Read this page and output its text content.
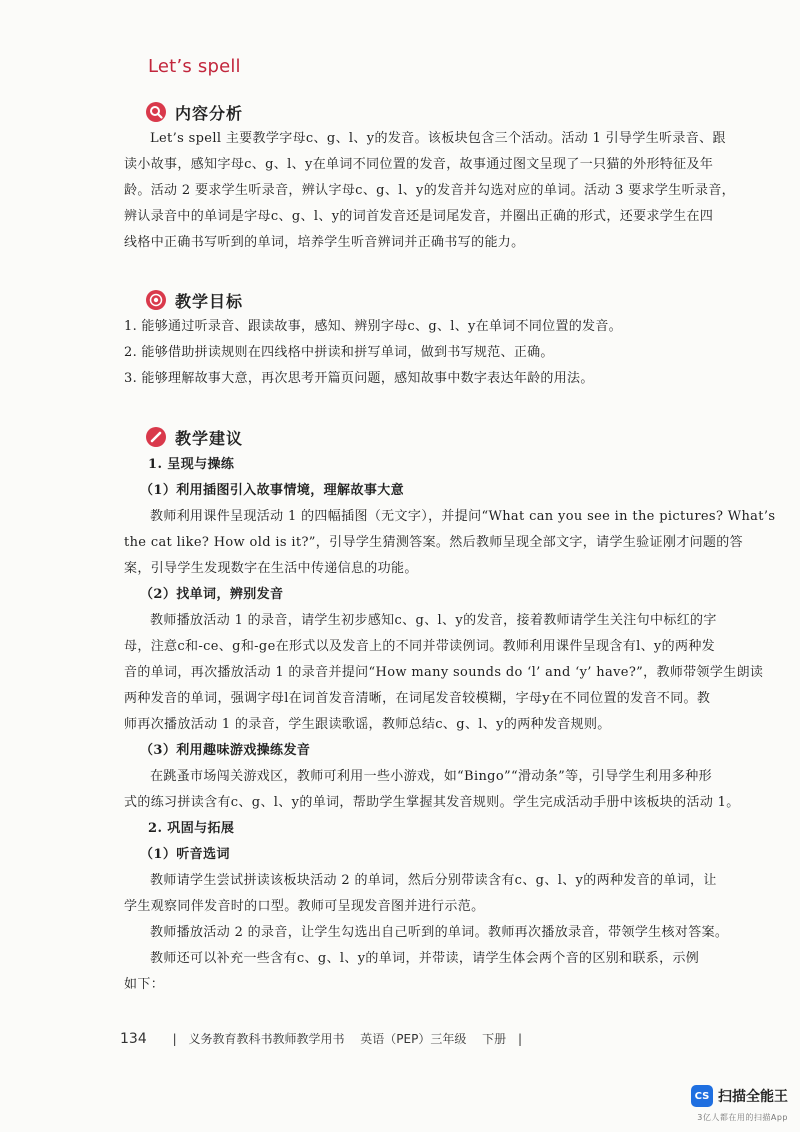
Let’s spell
内容分析
Let’s spell 主要教学字母c、g、l、y的发音。该板块包含三个活动。活动 1 引导学生听录音、跟
读小故事，感知字母c、g、l、y在单词不同位置的发音，故事通过图文呈现了一只猫的外形特征及年
龄。活动 2 要求学生听录音，辨认字母c、g、l、y的发音并勾选对应的单词。活动 3 要求学生听录音，
辨认录音中的单词是字母c、g、l、y的词首发音还是词尾发音，并圈出正确的形式，还要求学生在四
线格中正确书写听到的单词，培养学生听音辨词并正确书写的能力。
教学目标
1. 能够通过听录音、跟读故事，感知、辨别字母c、g、l、y在单词不同位置的发音。
2. 能够借助拼读规则在四线格中拼读和拼写单词，做到书写规范、正确。
3. 能够理解故事大意，再次思考开篇页问题，感知故事中数字表达年龄的用法。
教学建议
1. 呈现与操练
（1）利用插图引入故事情境，理解故事大意
教师利用课件呈现活动 1 的四幅插图（无文字），并提问“What can you see in the pictures? What’s
the cat like? How old is it?”，引导学生猜测答案。然后教师呈现全部文字，请学生验证刚才问题的答
案，引导学生发现数字在生活中传递信息的功能。
（2）找单词，辨别发音
教师播放活动 1 的录音，请学生初步感知c、g、l、y的发音，接着教师请学生关注句中标红的字
母，注意c和-ce、g和-ge在形式以及发音上的不同并带读例词。教师利用课件呈现含有l、y的两种发
音的单词，再次播放活动 1 的录音并提问“How many sounds do ‘l’ and ‘y’ have?”，教师带领学生朗读
两种发音的单词，强调字母l在词首发音清晰，在词尾发音较模糊，字母y在不同位置的发音不同。教
师再次播放活动 1 的录音，学生跟读歌谣，教师总结c、g、l、y的两种发音规则。
（3）利用趣味游戏操练发音
在跳蚤市场闯关游戏区，教师可利用一些小游戏，如“Bingo”“滑动条”等，引导学生利用多种形
式的练习拼读含有c、g、l、y的单词，帮助学生掌握其发音规则。学生完成活动手册中该板块的活动 1。
2. 巩固与拓展
（1）听音选词
教师请学生尝试拼读该板块活动 2 的单词，然后分别带读含有c、g、l、y的两种发音的单词，让
学生观察同伴发音时的口型。教师可呈现发音图并进行示范。
教师播放活动 2 的录音，让学生勾选出自己听到的单词。教师再次播放录音，带领学生核对答案。
教师还可以补充一些含有c、g、l、y的单词，并带读，请学生体会两个音的区别和联系，示例
如下：
134 | 义务教育教科书教师教学用书 英语（PEP）三年级 下册 |
CS 扫描全能王
3亿人都在用的扫描App
